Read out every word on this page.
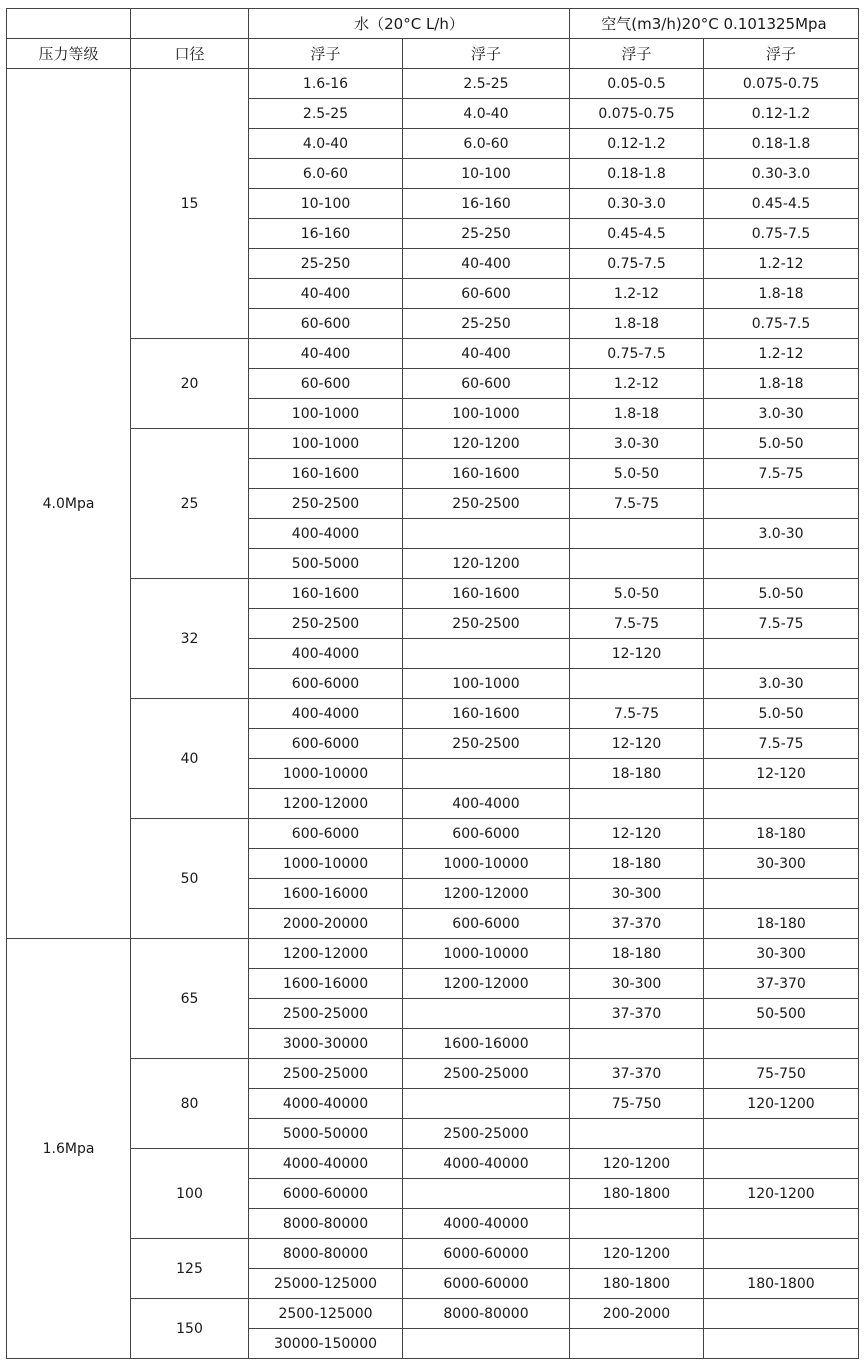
		水（20°C L/h）		空气(m3/h)20°C 0.101325Mpa	
压力等级	口径	浮子	浮子	浮子	浮子
4.0Mpa	15	1.6-16	2.5-25	0.05-0.5	0.075-0.75
		2.5-25	4.0-40	0.075-0.75	0.12-1.2
		4.0-40	6.0-60	0.12-1.2	0.18-1.8
		6.0-60	10-100	0.18-1.8	0.30-3.0
		10-100	16-160	0.30-3.0	0.45-4.5
		16-160	25-250	0.45-4.5	0.75-7.5
		25-250	40-400	0.75-7.5	1.2-12
		40-400	60-600	1.2-12	1.8-18
		60-600	25-250	1.8-18	0.75-7.5
	20	40-400	40-400	0.75-7.5	1.2-12
		60-600	60-600	1.2-12	1.8-18
		100-1000	100-1000	1.8-18	3.0-30
	25	100-1000	120-1200	3.0-30	5.0-50
		160-1600	160-1600	5.0-50	7.5-75
		250-2500	250-2500	7.5-75	
		400-4000			3.0-30
		500-5000	120-1200		
	32	160-1600	160-1600	5.0-50	5.0-50
		250-2500	250-2500	7.5-75	7.5-75
		400-4000		12-120	
		600-6000	100-1000		3.0-30
	40	400-4000	160-1600	7.5-75	5.0-50
		600-6000	250-2500	12-120	7.5-75
		1000-10000		18-180	12-120
		1200-12000	400-4000		
	50	600-6000	600-6000	12-120	18-180
		1000-10000	1000-10000	18-180	30-300
		1600-16000	1200-12000	30-300	
		2000-20000	600-6000	37-370	18-180
1.6Mpa	65	1200-12000	1000-10000	18-180	30-300
		1600-16000	1200-12000	30-300	37-370
		2500-25000		37-370	50-500
		3000-30000	1600-16000		
	80	2500-25000	2500-25000	37-370	75-750
		4000-40000		75-750	120-1200
		5000-50000	2500-25000		
	100	4000-40000	4000-40000	120-1200	
		6000-60000		180-1800	120-1200
		8000-80000	4000-40000		
	125	8000-80000	6000-60000	120-1200	
		25000-125000	6000-60000	180-1800	180-1800
	150	2500-125000	8000-80000	200-2000	
		30000-150000			
